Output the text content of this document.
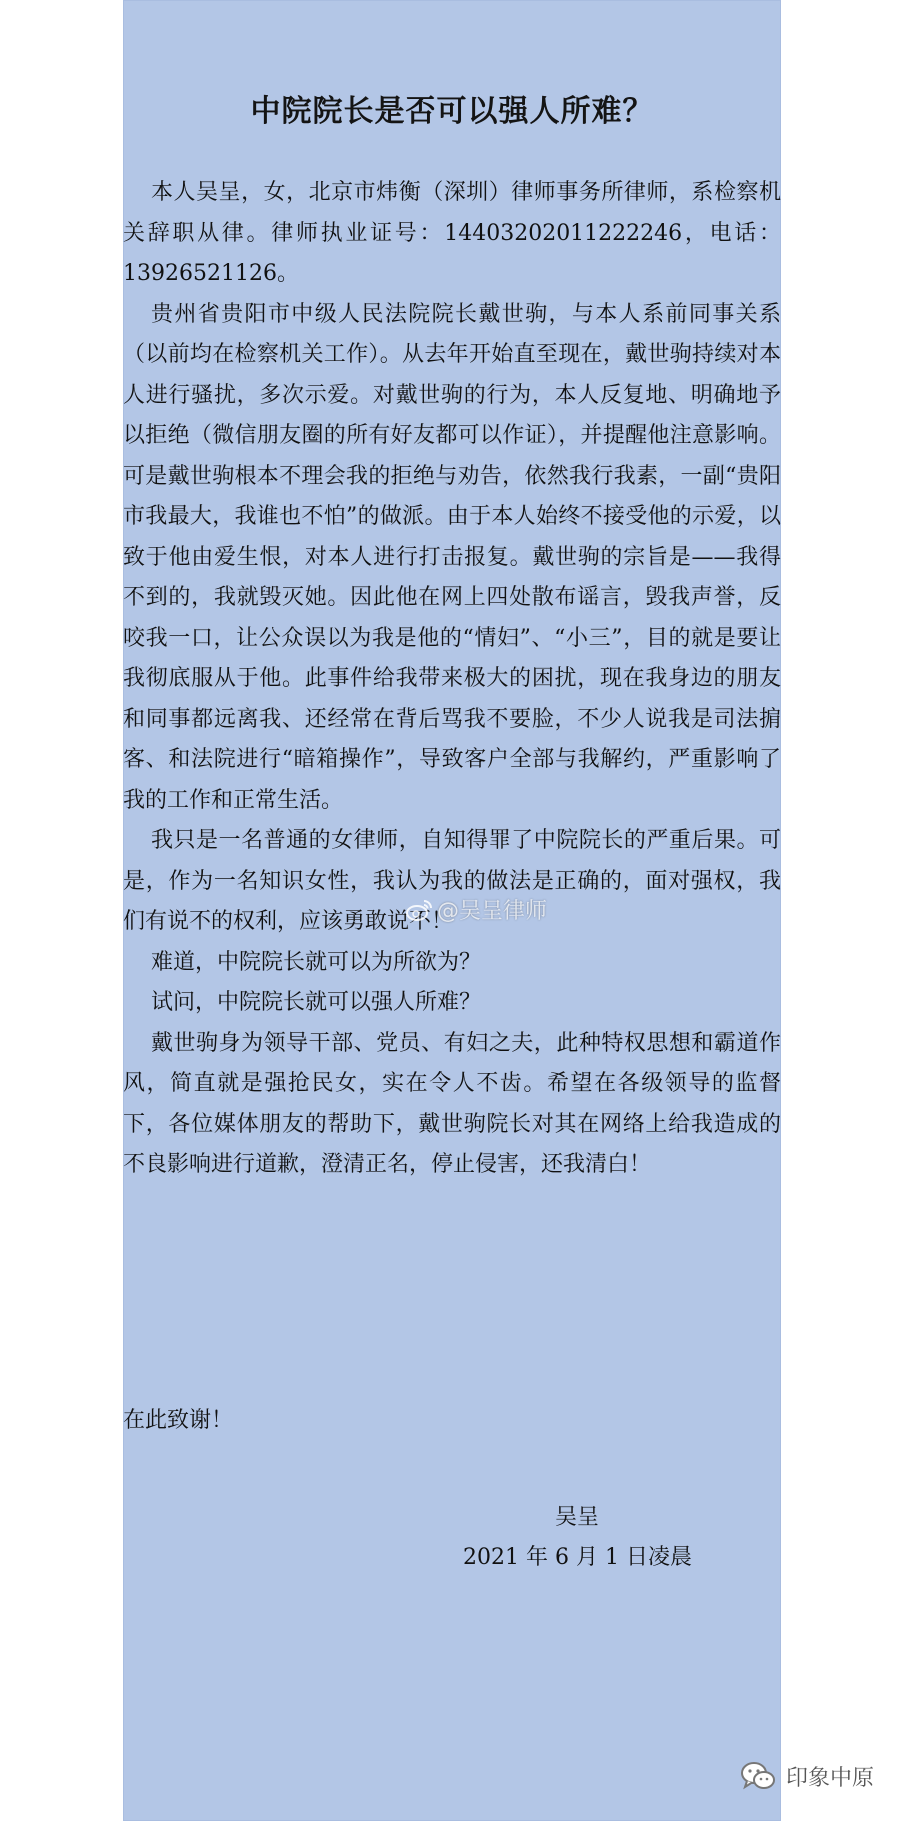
中院院长是否可以强人所难？

本人吴呈，女，北京市炜衡（深圳）律师事务所律师，系检察机关辞职从律。律师执业证号：14403202011222246，电话：13926521126。

贵州省贵阳市中级人民法院院长戴世驹，与本人系前同事关系（以前均在检察机关工作）。从去年开始直至现在，戴世驹持续对本人进行骚扰，多次示爱。对戴世驹的行为，本人反复地、明确地予以拒绝（微信朋友圈的所有好友都可以作证），并提醒他注意影响。可是戴世驹根本不理会我的拒绝与劝告，依然我行我素，一副“贵阳市我最大，我谁也不怕”的做派。由于本人始终不接受他的示爱，以致于他由爱生恨，对本人进行打击报复。戴世驹的宗旨是——我得不到的，我就毁灭她。因此他在网上四处散布谣言，毁我声誉，反咬我一口，让公众误以为我是他的“情妇”、“小三”，目的就是要让我彻底服从于他。此事件给我带来极大的困扰，现在我身边的朋友和同事都远离我、还经常在背后骂我不要脸，不少人说我是司法掮客、和法院进行“暗箱操作”，导致客户全部与我解约，严重影响了我的工作和正常生活。

我只是一名普通的女律师，自知得罪了中院院长的严重后果。可是，作为一名知识女性，我认为我的做法是正确的，面对强权，我们有说不的权利，应该勇敢说不！

难道，中院院长就可以为所欲为？

试问，中院院长就可以强人所难？

戴世驹身为领导干部、党员、有妇之夫，此种特权思想和霸道作风，简直就是强抢民女，实在令人不齿。希望在各级领导的监督下，各位媒体朋友的帮助下，戴世驹院长对其在网络上给我造成的不良影响进行道歉，澄清正名，停止侵害，还我清白！

在此致谢！

吴呈

2021 年 6 月 1 日凌晨

@吴呈律师
印象中原
